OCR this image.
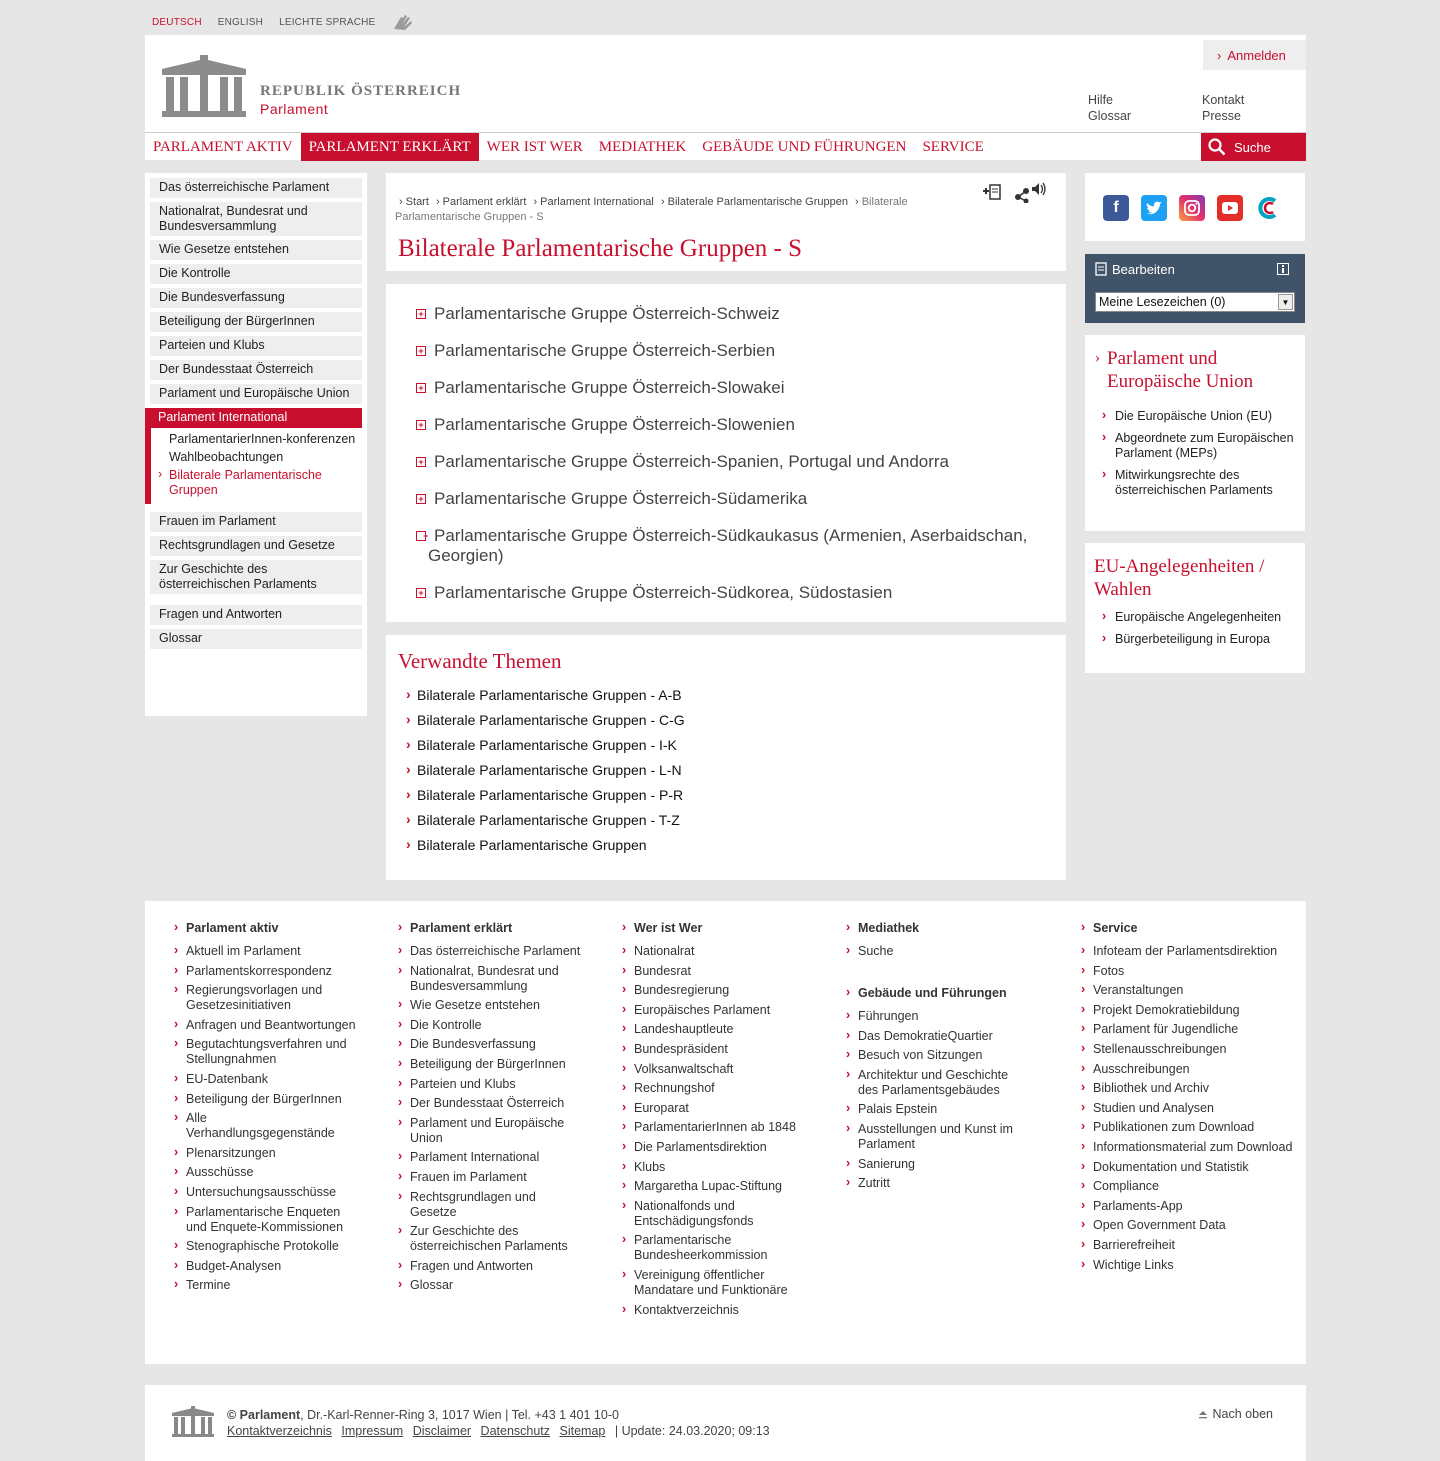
DEUTSCH ENGLISH LEICHTE SPRACHE
REPUBLIK ÖSTERREICH
Parlament
› Anmelden
Hilfe
Glossar
Kontakt
Presse
PARLAMENT AKTIV	PARLAMENT ERKLÄRT	WER IST WER	MEDIATHEK	GEBÄUDE UND FÜHRUNGEN	SERVICE	Suche
Das österreichische Parlament
Nationalrat, Bundesrat und Bundesversammlung
Wie Gesetze entstehen
Die Kontrolle
Die Bundesverfassung
Beteiligung der BürgerInnen
Parteien und Klubs
Der Bundesstaat Österreich
Parlament und Europäische Union
Parlament International
ParlamentarierInnen-konferenzen
Wahlbeobachtungen
› Bilaterale Parlamentarische Gruppen
Frauen im Parlament
Rechtsgrundlagen und Gesetze
Zur Geschichte des österreichischen Parlaments
Fragen und Antworten
Glossar
› Start › Parlament erklärt › Parlament International › Bilaterale Parlamentarische Gruppen › Bilaterale Parlamentarische Gruppen - S
Bilaterale Parlamentarische Gruppen - S
+ Parlamentarische Gruppe Österreich-Schweiz
+ Parlamentarische Gruppe Österreich-Serbien
+ Parlamentarische Gruppe Österreich-Slowakei
+ Parlamentarische Gruppe Österreich-Slowenien
+ Parlamentarische Gruppe Österreich-Spanien, Portugal und Andorra
+ Parlamentarische Gruppe Österreich-Südamerika
+ Parlamentarische Gruppe Österreich-Südkaukasus (Armenien, Aserbaidschan, Georgien)
+ Parlamentarische Gruppe Österreich-Südkorea, Südostasien
Verwandte Themen
› Bilaterale Parlamentarische Gruppen - A-B
› Bilaterale Parlamentarische Gruppen - C-G
› Bilaterale Parlamentarische Gruppen - I-K
› Bilaterale Parlamentarische Gruppen - L-N
› Bilaterale Parlamentarische Gruppen - P-R
› Bilaterale Parlamentarische Gruppen - T-Z
› Bilaterale Parlamentarische Gruppen
f
Bearbeiten
Meine Lesezeichen (0)	▼
› Parlament und Europäische Union
› Die Europäische Union (EU)
› Abgeordnete zum Europäischen Parlament (MEPs)
› Mitwirkungsrechte des österreichischen Parlaments
EU-Angelegenheiten / Wahlen
› Europäische Angelegenheiten
› Bürgerbeteiligung in Europa
› Parlament aktiv
› Aktuell im Parlament
› Parlamentskorrespondenz
› Regierungsvorlagen und Gesetzesinitiativen
› Anfragen und Beantwortungen
› Begutachtungsverfahren und Stellungnahmen
› EU-Datenbank
› Beteiligung der BürgerInnen
› Alle Verhandlungsgegenstände
› Plenarsitzungen
› Ausschüsse
› Untersuchungsausschüsse
› Parlamentarische Enqueten und Enquete-Kommissionen
› Stenographische Protokolle
› Budget-Analysen
› Termine
› Parlament erklärt
› Das österreichische Parlament
› Nationalrat, Bundesrat und Bundesversammlung
› Wie Gesetze entstehen
› Die Kontrolle
› Die Bundesverfassung
› Beteiligung der BürgerInnen
› Parteien und Klubs
› Der Bundesstaat Österreich
› Parlament und Europäische Union
› Parlament International
› Frauen im Parlament
› Rechtsgrundlagen und Gesetze
› Zur Geschichte des österreichischen Parlaments
› Fragen und Antworten
› Glossar
› Wer ist Wer
› Nationalrat
› Bundesrat
› Bundesregierung
› Europäisches Parlament
› Landeshauptleute
› Bundespräsident
› Volksanwaltschaft
› Rechnungshof
› Europarat
› ParlamentarierInnen ab 1848
› Die Parlamentsdirektion
› Klubs
› Margaretha Lupac-Stiftung
› Nationalfonds und Entschädigungsfonds
› Parlamentarische Bundesheerkommission
› Vereinigung öffentlicher Mandatare und Funktionäre
› Kontaktverzeichnis
› Mediathek
› Suche
› Gebäude und Führungen
› Führungen
› Das DemokratieQuartier
› Besuch von Sitzungen
› Architektur und Geschichte des Parlamentsgebäudes
› Palais Epstein
› Ausstellungen und Kunst im Parlament
› Sanierung
› Zutritt
› Service
› Infoteam der Parlamentsdirektion
› Fotos
› Veranstaltungen
› Projekt Demokratiebildung
› Parlament für Jugendliche
› Stellenausschreibungen
› Ausschreibungen
› Bibliothek und Archiv
› Studien und Analysen
› Publikationen zum Download
› Informationsmaterial zum Download
› Dokumentation und Statistik
› Compliance
› Parlaments-App
› Open Government Data
› Barrierefreiheit
› Wichtige Links
© Parlament, Dr.-Karl-Renner-Ring 3, 1017 Wien | Tel. +43 1 401 10-0
Kontaktverzeichnis Impressum Disclaimer Datenschutz Sitemap | Update: 24.03.2020; 09:13
Nach oben
